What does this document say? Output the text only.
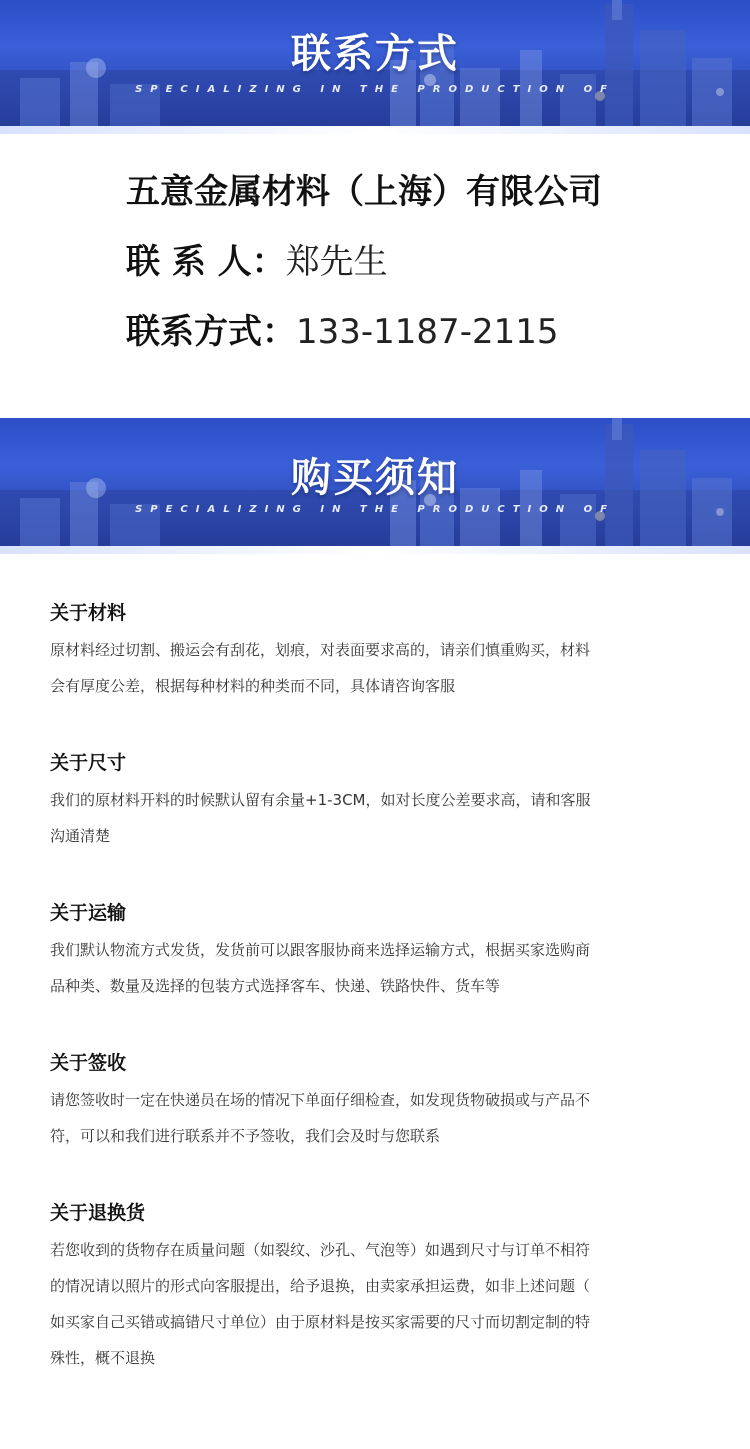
联系方式
SPECIALIZING IN THE PRODUCTION OF
五意金属材料（上海）有限公司
联 系 人：郑先生
联系方式：133-1187-2115
购买须知
SPECIALIZING IN THE PRODUCTION OF
关于材料

原材料经过切割、搬运会有刮花，划痕，对表面要求高的，请亲们慎重购买，材料

会有厚度公差，根据每种材料的种类而不同，具体请咨询客服

关于尺寸

我们的原材料开料的时候默认留有余量+1-3CM，如对长度公差要求高，请和客服

沟通清楚

关于运输

我们默认物流方式发货，发货前可以跟客服协商来选择运输方式，根据买家选购商

品种类、数量及选择的包装方式选择客车、快递、铁路快件、货车等

关于签收

请您签收时一定在快递员在场的情况下单面仔细检查，如发现货物破损或与产品不

符，可以和我们进行联系并不予签收，我们会及时与您联系

关于退换货

若您收到的货物存在质量问题（如裂纹、沙孔、气泡等）如遇到尺寸与订单不相符

的情况请以照片的形式向客服提出，给予退换，由卖家承担运费，如非上述问题（

如买家自己买错或搞错尺寸单位）由于原材料是按买家需要的尺寸而切割定制的特

殊性，概不退换
